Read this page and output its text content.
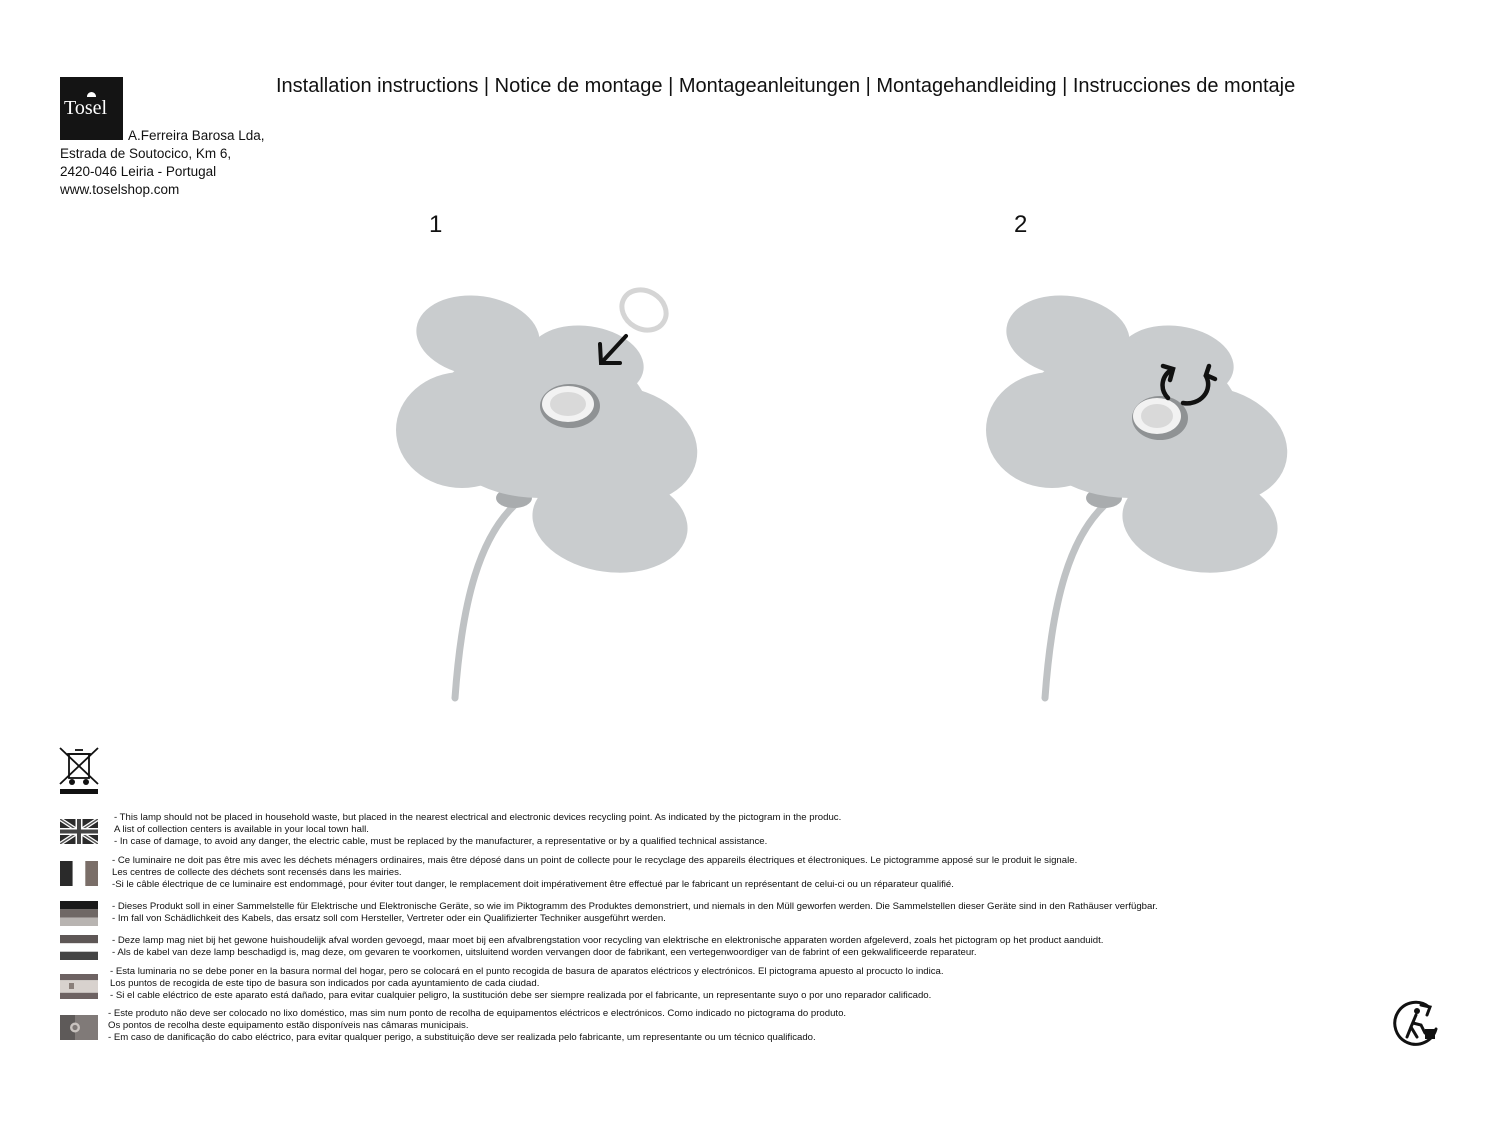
Tosel
A.Ferreira Barosa Lda,
Estrada de Soutocico, Km 6,
2420-046 Leiria - Portugal
www.toselshop.com
Installation instructions | Notice de montage | Montageanleitungen | Montagehandleiding | Instrucciones de montaje
1	2
- This lamp should not be placed in household waste, but placed in the nearest electrical and electronic devices recycling point. As indicated by the pictogram in the produc.
A list of collection centers is available in your local town hall.
- In case of damage, to avoid any danger, the electric cable, must be replaced by the manufacturer, a representative or by a qualified technical assistance.
- Ce luminaire ne doit pas être mis avec les déchets ménagers ordinaires, mais être déposé dans un point de collecte pour le recyclage des appareils électriques et électroniques. Le pictogramme apposé sur le produit le signale.
Les centres de collecte des déchets sont recensés dans les mairies.
-Si le câble électrique de ce luminaire est endommagé, pour éviter tout danger, le remplacement doit impérativement être effectué par le fabricant un représentant de celui-ci ou un réparateur qualifié.
- Dieses Produkt soll in einer Sammelstelle für Elektrische und Elektronische Geräte, so wie im Piktogramm des Produktes demonstriert, und niemals in den Müll geworfen werden. Die Sammelstellen dieser Geräte sind in den Rathäuser verfügbar.
- Im fall von Schädlichkeit des Kabels, das ersatz soll com Hersteller, Vertreter oder ein Qualifizierter Techniker ausgeführt werden.
- Deze lamp mag niet bij het gewone huishoudelijk afval worden gevoegd, maar moet bij een afvalbrengstation voor recycling van elektrische en elektronische apparaten worden afgeleverd, zoals het pictogram op het product aanduidt.
- Als de kabel van deze lamp beschadigd is, mag deze, om gevaren te voorkomen, uitsluitend worden vervangen door de fabrikant, een vertegenwoordiger van de fabrint of een gekwalificeerde reparateur.
- Esta luminaria no se debe poner en la basura normal del hogar, pero se colocará en el punto recogida de basura de aparatos eléctricos y electrónicos. El pictograma apuesto al procucto lo indica.
Los puntos de recogida de este tipo de basura son indicados por cada ayuntamiento de cada ciudad.
- Si el cable eléctrico de este aparato está dañado, para evitar cualquier peligro, la sustitución debe ser siempre realizada por el fabricante, un representante suyo o por uno reparador calificado.
- Este produto não deve ser colocado no lixo doméstico, mas sim num ponto de recolha de equipamentos eléctricos e electrónicos. Como indicado no pictograma do produto.
Os pontos de recolha deste equipamento estão disponíveis nas câmaras municipais.
- Em caso de danificação do cabo eléctrico, para evitar qualquer perigo, a substituição deve ser realizada pelo fabricante, um representante ou um técnico qualificado.
